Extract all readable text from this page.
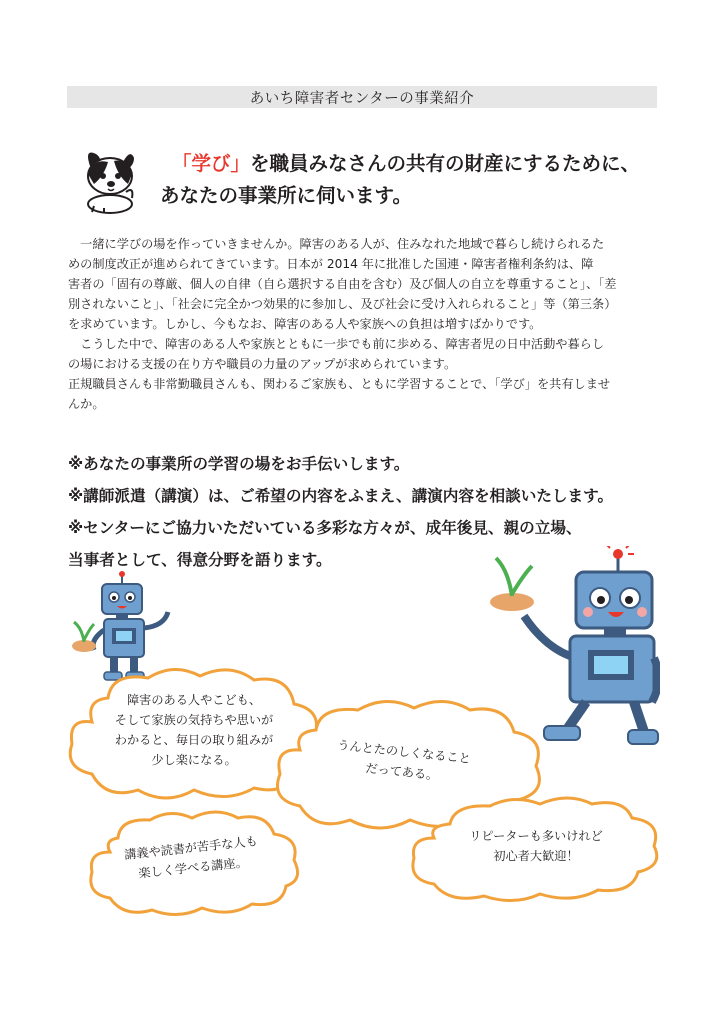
あいち障害者センターの事業紹介
「学び」を職員みなさんの共有の財産にするために、
あなたの事業所に伺います。

　一緒に学びの場を作っていきませんか。障害のある人が、住みなれた地域で暮らし続けられるた

めの制度改正が進められてきています。日本が 2014 年に批准した国連・障害者権利条約は、障

害者の「固有の尊厳、個人の自律（自ら選択する自由を含む）及び個人の自立を尊重すること」、「差

別されないこと」、「社会に完全かつ効果的に参加し、及び社会に受け入れられること」等（第三条）

を求めています。しかし、今もなお、障害のある人や家族への負担は増すばかりです。

　こうした中で、障害のある人や家族とともに一歩でも前に歩める、障害者児の日中活動や暮らし

の場における支援の在り方や職員の力量のアップが求められています。

正規職員さんも非常勤職員さんも、関わるご家族も、ともに学習することで、「学び」を共有しませ

んか。

※あなたの事業所の学習の場をお手伝いします。
※講師派遣（講演）は、ご希望の内容をふまえ、講演内容を相談いたします。
※センターにご協力いただいている多彩な方々が、成年後見、親の立場、
当事者として、得意分野を語ります。
障害のある人やこども、
そして家族の気持ちや思いが
わかると、毎日の取り組みが
少し楽になる。	うんとたのしくなること
だってある。
講義や読書が苦手な人も
楽しく学べる講座。
リピーターも多いけれど
初心者大歓迎！
